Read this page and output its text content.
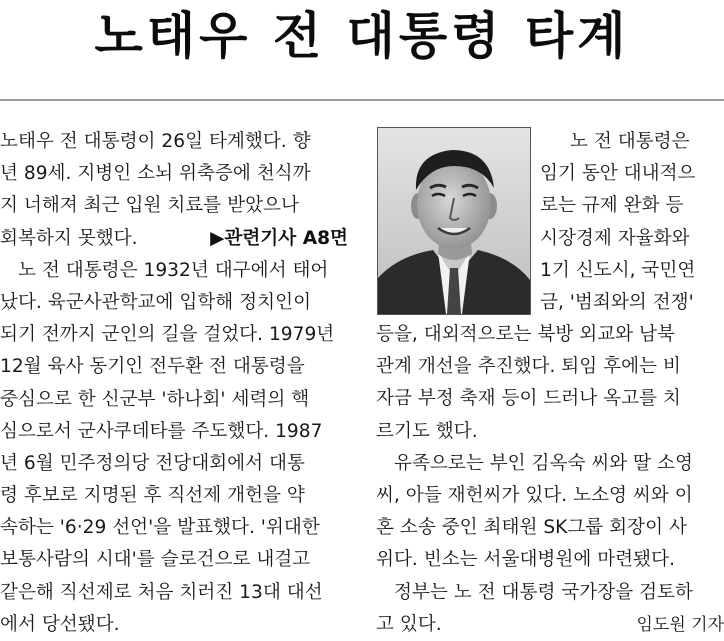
노태우 전 대통령 타계
노태우 전 대통령이 26일 타계했다. 향
년 89세. 지병인 소뇌 위축증에 천식까
지 너해져 최근 입원 치료를 받았으나
회복하지 못했다.	▶관련기사 A8면
노 전 대통령은 1932년 대구에서 태어
났다. 육군사관학교에 입학해 정치인이
되기 전까지 군인의 길을 걸었다. 1979년
12월 육사 동기인 전두환 전 대통령을
중심으로 한 신군부 '하나회' 세력의 핵
심으로서 군사쿠데타를 주도했다. 1987
년 6월 민주정의당 전당대회에서 대통
령 후보로 지명된 후 직선제 개헌을 약
속하는 '6·29 선언'을 발표했다. '위대한
보통사람의 시대'를 슬로건으로 내걸고
같은해 직선제로 처음 치러진 13대 대선
에서 당선됐다.
노 전 대통령은
임기 동안 대내적으
로는 규제 완화 등
시장경제 자율화와
1기 신도시, 국민연
금, '범죄와의 전쟁'
등을, 대외적으로는 북방 외교와 남북
관계 개선을 추진했다. 퇴임 후에는 비
자금 부정 축재 등이 드러나 옥고를 치
르기도 했다.
유족으로는 부인 김옥숙 씨와 딸 소영
씨, 아들 재헌씨가 있다. 노소영 씨와 이
혼 소송 중인 최태원 SK그룹 회장이 사
위다. 빈소는 서울대병원에 마련됐다.
정부는 노 전 대통령 국가장을 검토하
고 있다.	임도원 기자
